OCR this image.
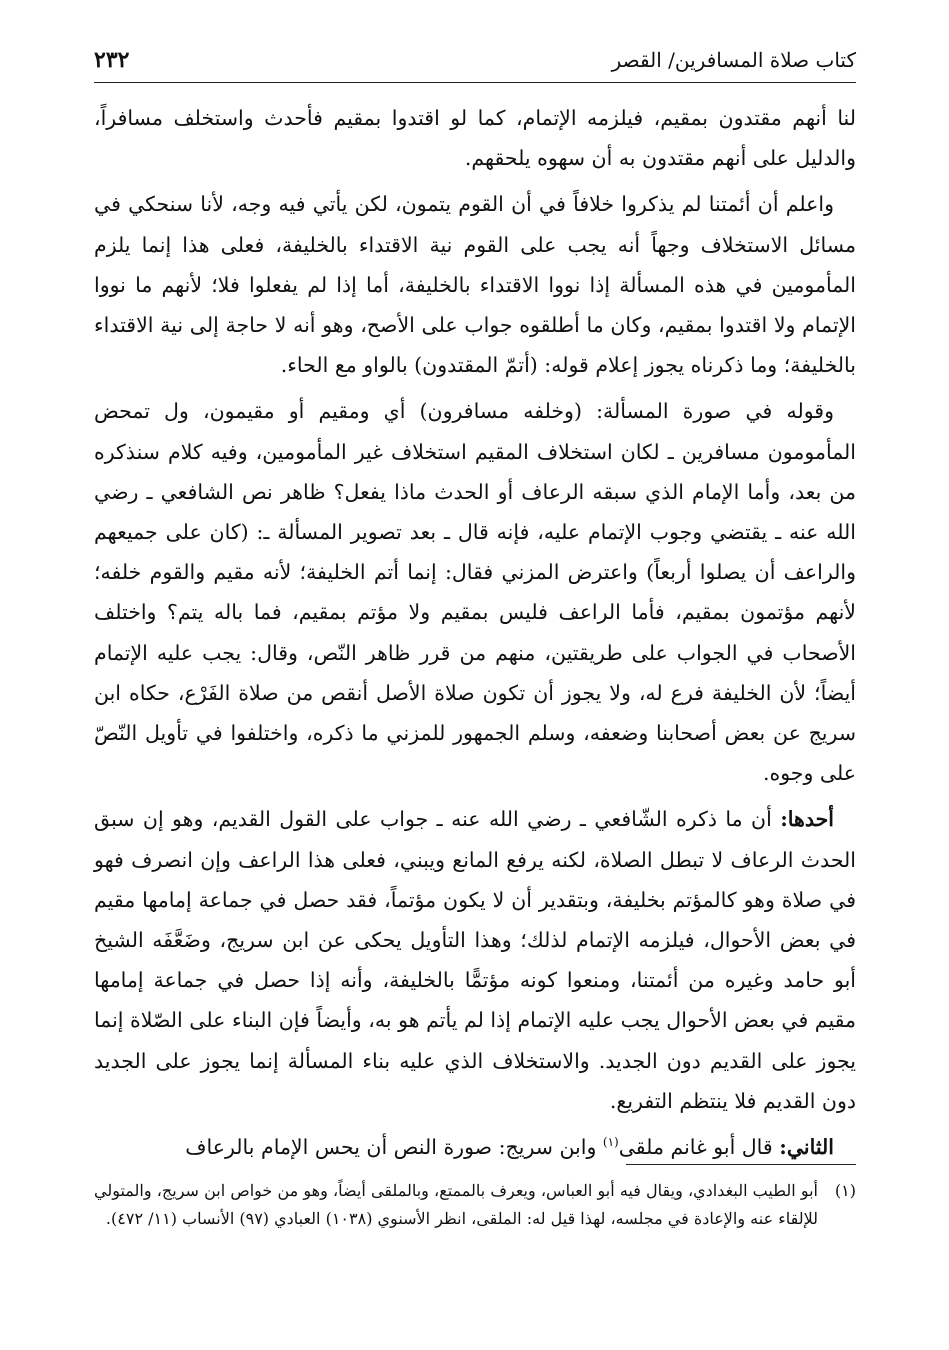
كتاب صلاة المسافرين/ القصر
٢٣٢

لنا أنهم مقتدون بمقيم، فيلزمه الإتمام، كما لو اقتدوا بمقيم فأحدث واستخلف مسافراً، والدليل على أنهم مقتدون به أن سهوه يلحقهم.

واعلم أن أئمتنا لم يذكروا خلافاً في أن القوم يتمون، لكن يأتي فيه وجه، لأنا سنحكي في مسائل الاستخلاف وجهاً أنه يجب على القوم نية الاقتداء بالخليفة، فعلى هذا إنما يلزم المأمومين في هذه المسألة إذا نووا الاقتداء بالخليفة، أما إذا لم يفعلوا فلا؛ لأنهم ما نووا الإتمام ولا اقتدوا بمقيم، وكان ما أطلقوه جواب على الأصح، وهو أنه لا حاجة إلى نية الاقتداء بالخليفة؛ وما ذكرناه يجوز إعلام قوله: (أتمّ المقتدون) بالواو مع الحاء.

وقوله في صورة المسألة: (وخلفه مسافرون) أي ومقيم أو مقيمون، ول تمحض المأمومون مسافرين ـ لكان استخلاف المقيم استخلاف غير المأمومين، وفيه كلام سنذكره من بعد، وأما الإمام الذي سبقه الرعاف أو الحدث ماذا يفعل؟ ظاهر نص الشافعي ـ رضي الله عنه ـ يقتضي وجوب الإتمام عليه، فإنه قال ـ بعد تصوير المسألة ـ: (كان على جميعهم والراعف أن يصلوا أربعاً) واعترض المزني فقال: إنما أتم الخليفة؛ لأنه مقيم والقوم خلفه؛ لأنهم مؤتمون بمقيم، فأما الراعف فليس بمقيم ولا مؤتم بمقيم، فما باله يتم؟ واختلف الأصحاب في الجواب على طريقتين، منهم من قرر ظاهر النّص، وقال: يجب عليه الإتمام أيضاً؛ لأن الخليفة فرع له، ولا يجوز أن تكون صلاة الأصل أنقص من صلاة الفَرْع، حكاه ابن سريج عن بعض أصحابنا وضعفه، وسلم الجمهور للمزني ما ذكره، واختلفوا في تأويل النّصّ على وجوه.

أحدها: أن ما ذكره الشّافعي ـ رضي الله عنه ـ جواب على القول القديم، وهو إن سبق الحدث الرعاف لا تبطل الصلاة، لكنه يرفع المانع ويبني، فعلى هذا الراعف وإن انصرف فهو في صلاة وهو كالمؤتم بخليفة، وبتقدير أن لا يكون مؤتماً، فقد حصل في جماعة إمامها مقيم في بعض الأحوال، فيلزمه الإتمام لذلك؛ وهذا التأويل يحكى عن ابن سريج، وضَعَّفَه الشيخ أبو حامد وغيره من أئمتنا، ومنعوا كونه مؤتمًّا بالخليفة، وأنه إذا حصل في جماعة إمامها مقيم في بعض الأحوال يجب عليه الإتمام إذا لم يأتم هو به، وأيضاً فإن البناء على الصّلاة إنما يجوز على القديم دون الجديد. والاستخلاف الذي عليه بناء المسألة إنما يجوز على الجديد دون القديم فلا ينتظم التفريع.

الثاني: قال أبو غانم ملقى$^{(١)}$ وابن سريج: صورة النص أن يحس الإمام بالرعاف

(١)
أبو الطيب البغدادي، ويقال فيه أبو العباس، ويعرف بالممتع، وبالملقى أيضاً، وهو من خواص ابن سريج، والمتولي للإلقاء عنه والإعادة في مجلسه، لهذا قيل له: الملقى، انظر الأسنوي (١٠٣٨) العبادي (٩٧) الأنساب (١١/ ٤٧٢).
